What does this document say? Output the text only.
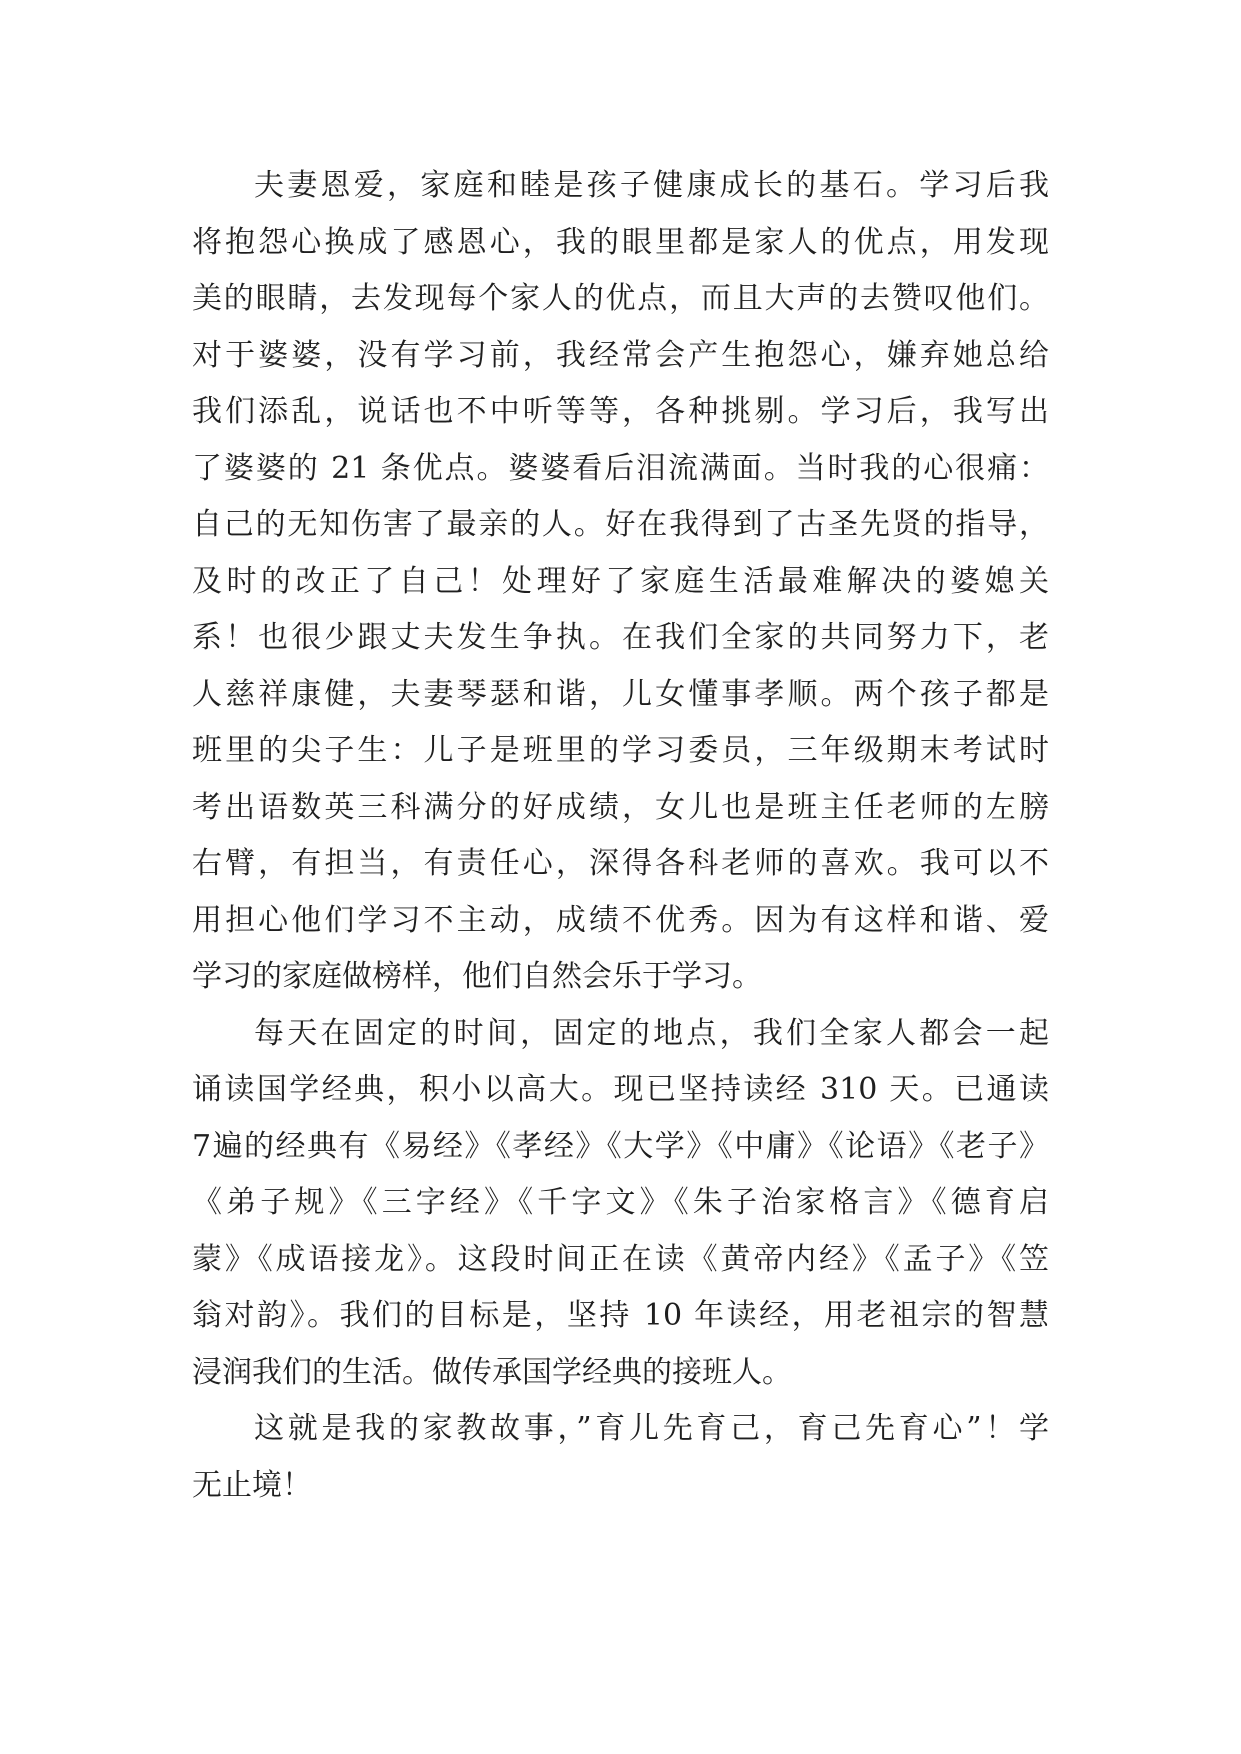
夫妻恩爱，家庭和睦是孩子健康成长的基石。学习后我
将抱怨心换成了感恩心，我的眼里都是家人的优点，用发现
美的眼睛，去发现每个家人的优点，而且大声的去赞叹他们。
对于婆婆，没有学习前，我经常会产生抱怨心，嫌弃她总给
我们添乱，说话也不中听等等，各种挑剔。学习后，我写出
了婆婆的 21 条优点。婆婆看后泪流满面。当时我的心很痛：
自己的无知伤害了最亲的人。好在我得到了古圣先贤的指导，
及时的改正了自己！处理好了家庭生活最难解决的婆媳关
系！也很少跟丈夫发生争执。在我们全家的共同努力下，老
人慈祥康健，夫妻琴瑟和谐，儿女懂事孝顺。两个孩子都是
班里的尖子生：儿子是班里的学习委员，三年级期末考试时
考出语数英三科满分的好成绩，女儿也是班主任老师的左膀
右臂，有担当，有责任心，深得各科老师的喜欢。我可以不
用担心他们学习不主动，成绩不优秀。因为有这样和谐、爱
学习的家庭做榜样，他们自然会乐于学习。
每天在固定的时间，固定的地点，我们全家人都会一起
诵读国学经典，积小以高大。现已坚持读经 310 天。已通读
7遍的经典有《易经》《孝经》《大学》《中庸》《论语》《老子》
《弟子规》《三字经》《千字文》《朱子治家格言》《德育启
蒙》《成语接龙》。这段时间正在读《黄帝内经》《孟子》《笠
翁对韵》。我们的目标是，坚持 10 年读经，用老祖宗的智慧
浸润我们的生活。做传承国学经典的接班人。
这就是我的家教故事，”育儿先育己，育己先育心”！学
无止境！
